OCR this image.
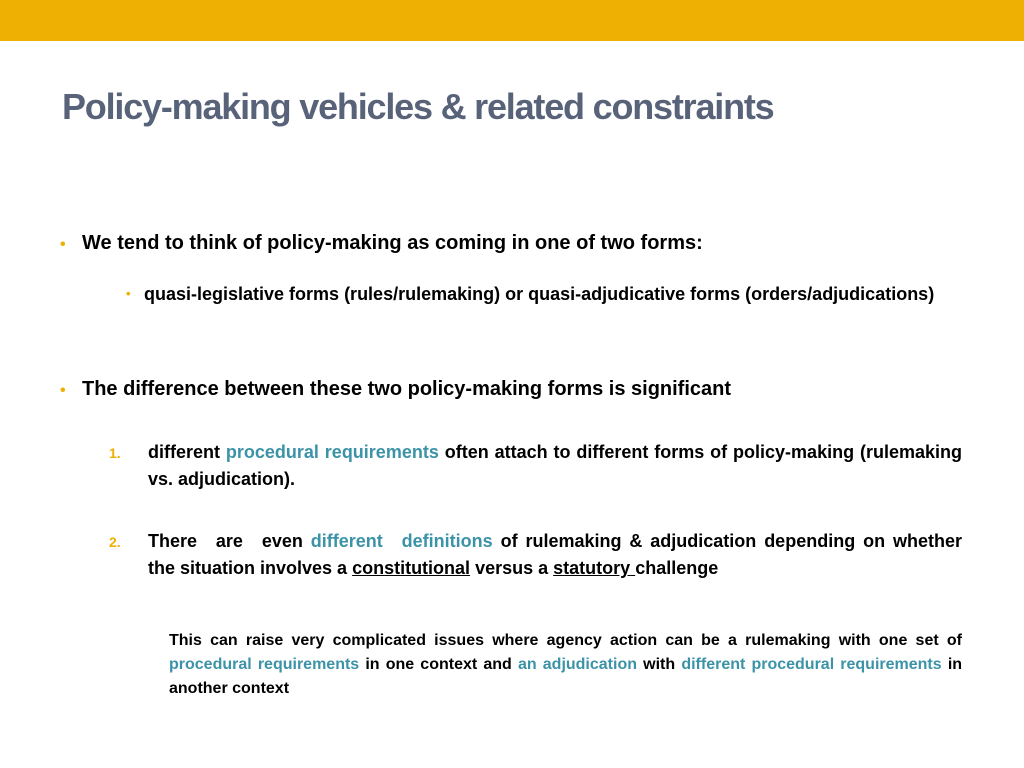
Policy-making vehicles & related constraints
• We tend to think of policy-making as coming in one of two forms:
• quasi-legislative forms (rules/rulemaking) or quasi-adjudicative forms (orders/adjudications)
• The difference between these two policy-making forms is significant
1. different procedural requirements often attach to different forms of policy-making (rulemaking vs. adjudication).
2. There are even different definitions of rulemaking & adjudication depending on whether the situation involves a constitutional versus a statutory challenge
This can raise very complicated issues where agency action can be a rulemaking with one set of procedural requirements in one context and an adjudication with different procedural requirements in another context
